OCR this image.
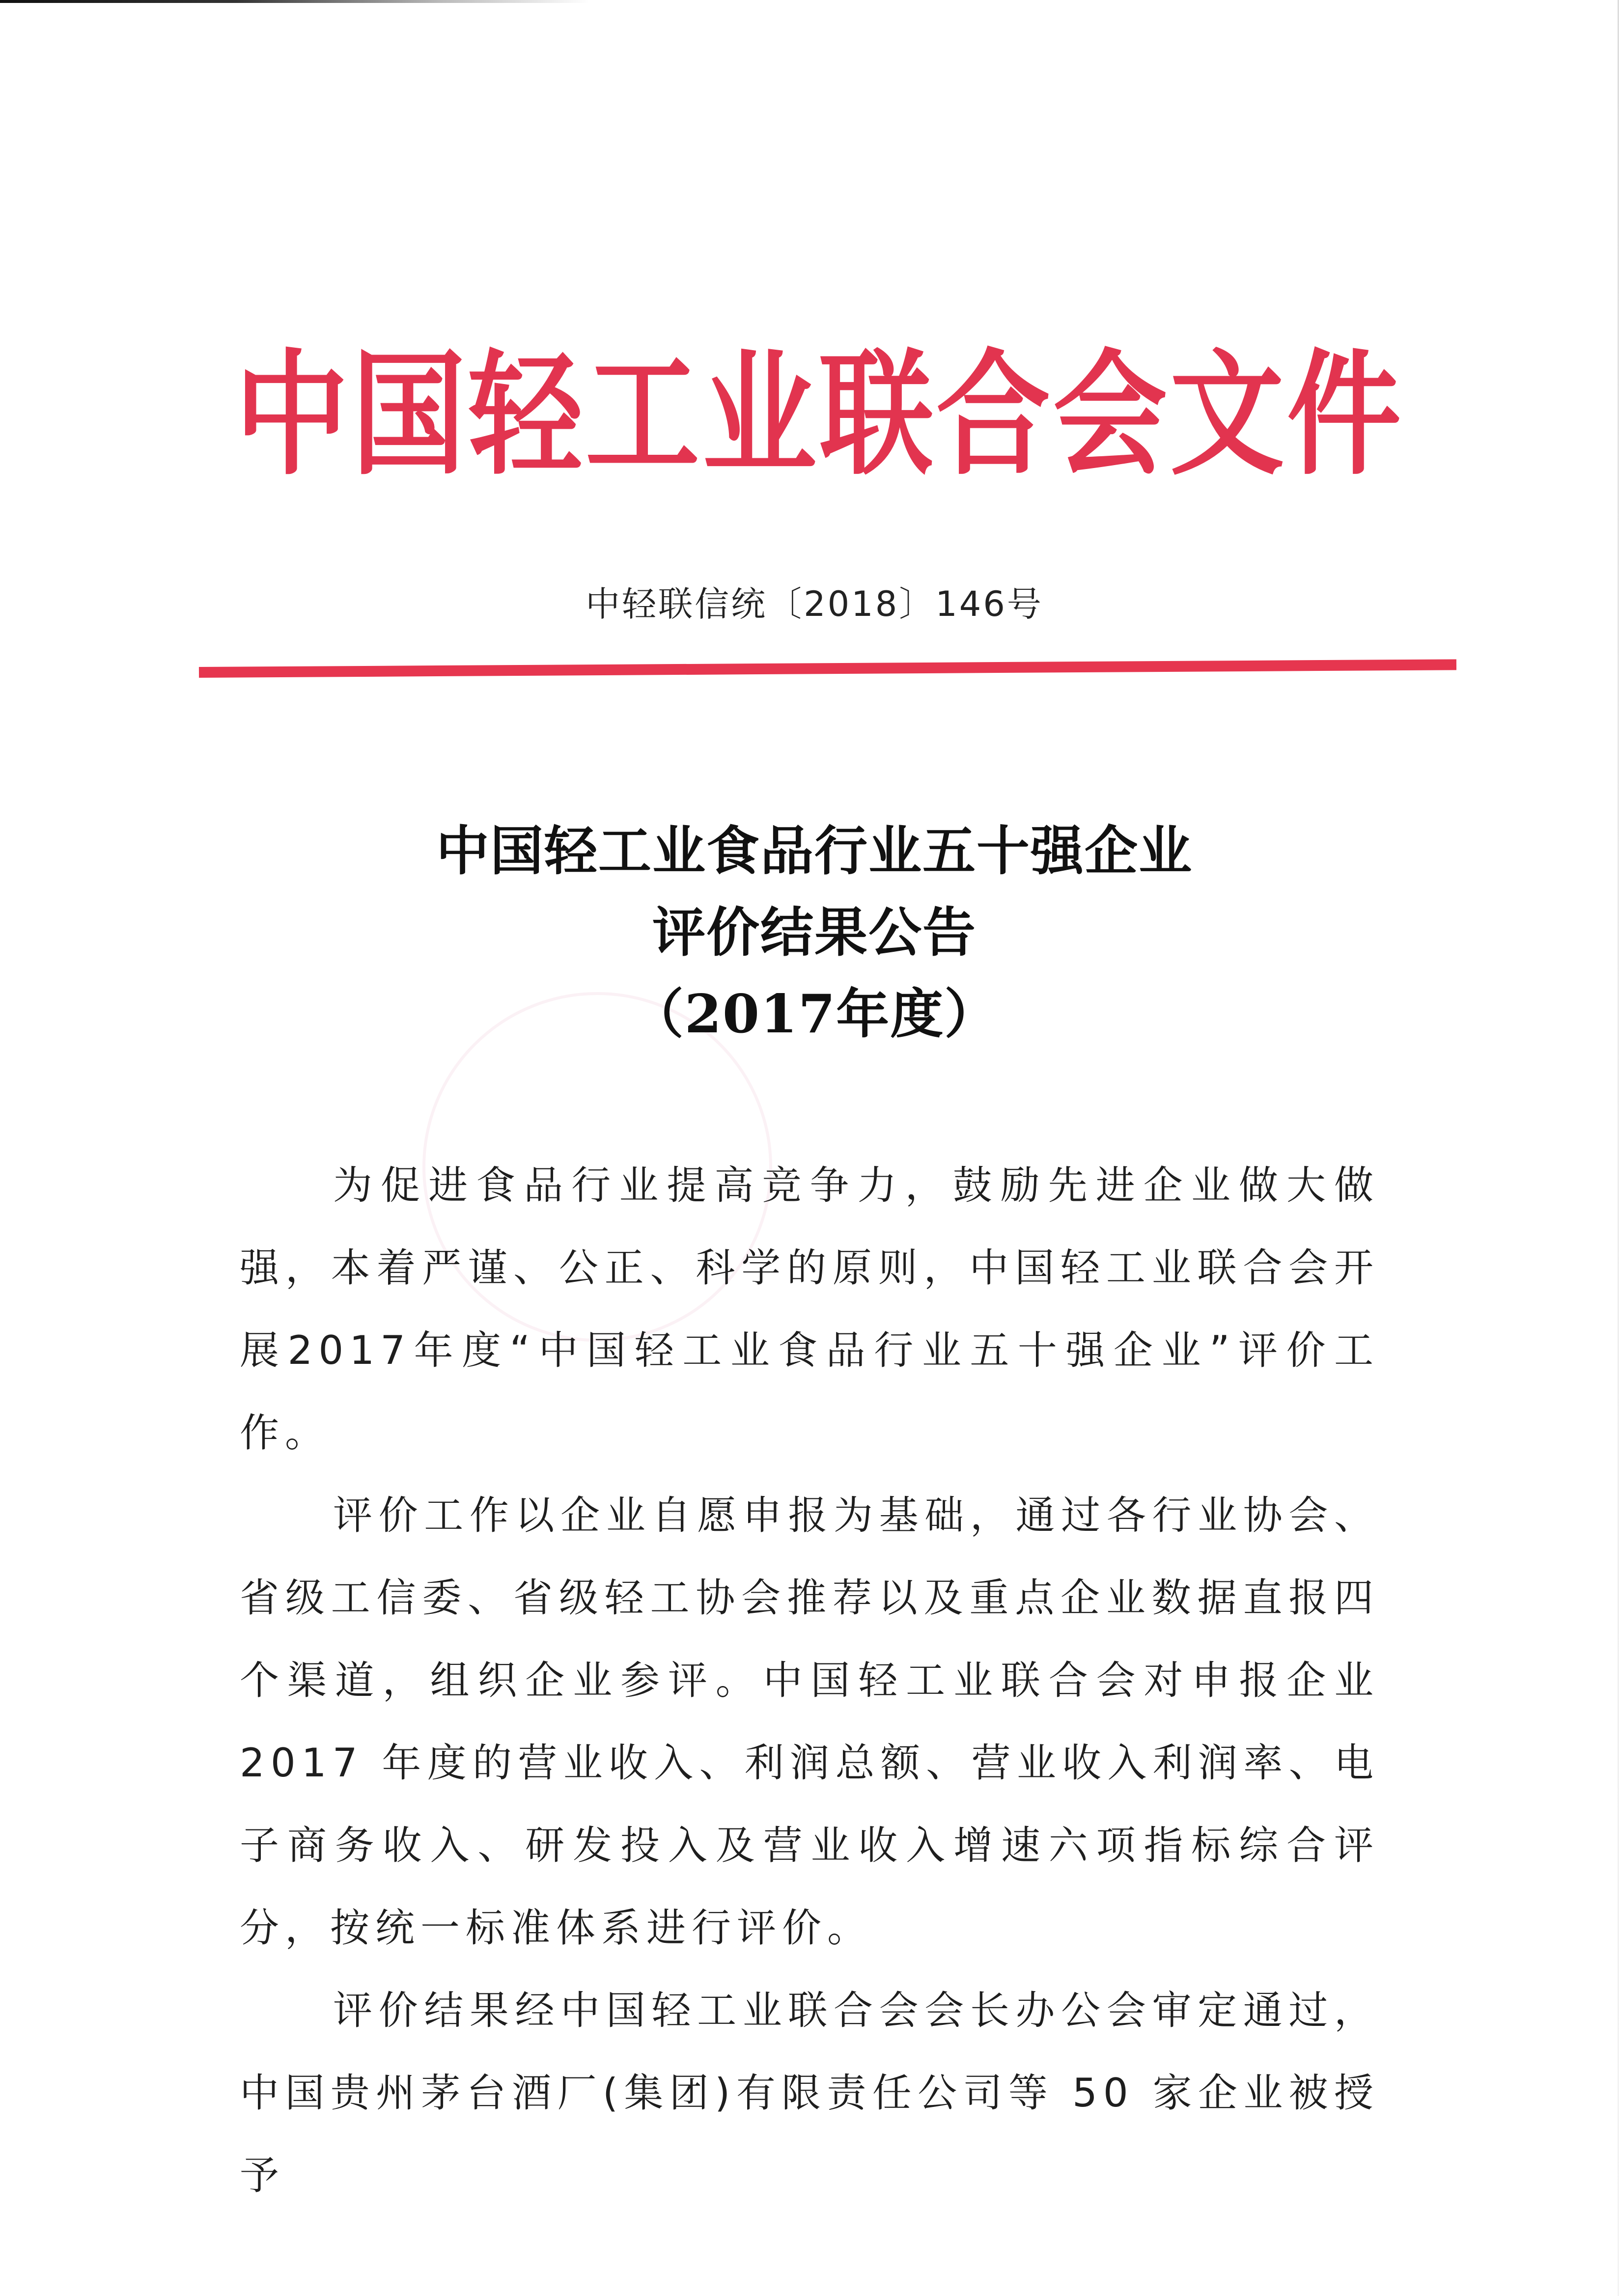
中国轻工业联合会文件
中轻联信统〔2018〕146号
中国轻工业食品行业五十强企业
评价结果公告
（2017年度）

为促进食品行业提高竞争力，鼓励先进企业做大做强，本着严谨、公正、科学的原则，中国轻工业联合会开展2017年度“中国轻工业食品行业五十强企业”评价工作。

评价工作以企业自愿申报为基础，通过各行业协会、省级工信委、省级轻工协会推荐以及重点企业数据直报四个渠道，组织企业参评。中国轻工业联合会对申报企业 2017 年度的营业收入、利润总额、营业收入利润率、电子商务收入、研发投入及营业收入增速六项指标综合评分，按统一标准体系进行评价。

评价结果经中国轻工业联合会会长办公会审定通过，中国贵州茅台酒厂(集团)有限责任公司等 50 家企业被授予
